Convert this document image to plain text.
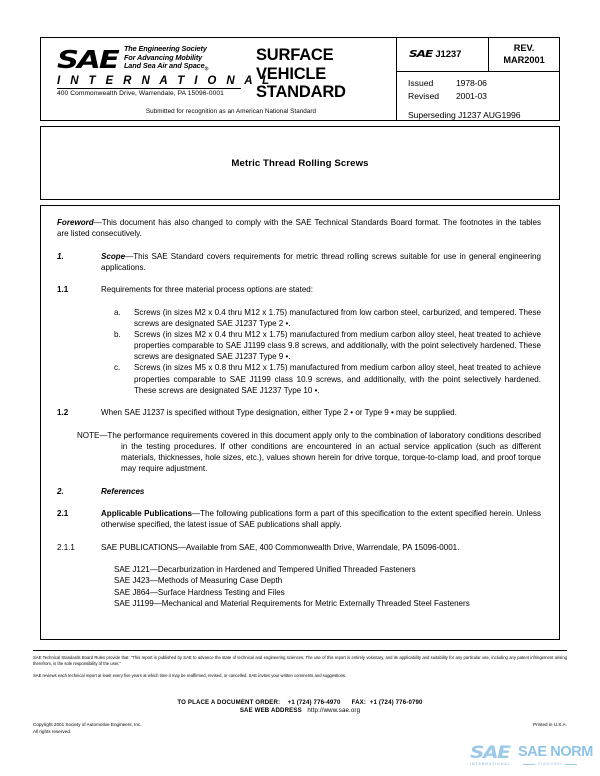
SAE The Engineering Society
For Advancing Mobility
Land Sea Air and Space$_®$
I N T E R N A T I O N A L
400 Commonwealth Drive, Warrendale, PA 15096-0001
SURFACE
VEHICLE
STANDARD
Submitted for recognition as an American National Standard
SAE J1237
REV.
MAR2001
Issued	1978-06
Revised	2001-03
Superseding J1237 AUG1996
Metric Thread Rolling Screws
Foreword—This document has also changed to comply with the SAE Technical Standards Board format. The footnotes in the tables are listed consecutively.
1.	Scope—This SAE Standard covers requirements for metric thread rolling screws suitable for use in general engineering applications.
1.1	Requirements for three material process options are stated:
a.	Screws (in sizes M2 x 0.4 thru M12 x 1.75) manufactured from low carbon steel, carburized, and tempered. These screws are designated SAE J1237 Type 2 •.
b.	Screws (in sizes M2 x 0.4 thru M12 x 1.75) manufactured from medium carbon alloy steel, heat treated to achieve properties comparable to SAE J1199 class 9.8 screws, and additionally, with the point selectively hardened. These screws are designated SAE J1237 Type 9 •.
c.	Screws (in sizes M5 x 0.8 thru M12 x 1.75) manufactured from medium carbon alloy steel, heat treated to achieve properties comparable to SAE J1199 class 10.9 screws, and additionally, with the point selectively hardened. These screws are designated SAE J1237 Type 10 •.
1.2	When SAE J1237 is specified without Type designation, either Type 2 • or Type 9 • may be supplied.
NOTE—The performance requirements covered in this document apply only to the combination of laboratory conditions described in the testing procedures. If other conditions are encountered in an actual service application (such as different materials, thicknesses, hole sizes, etc.), values shown herein for drive torque, torque-to-clamp load, and proof torque may require adjustment.
2.	References
2.1	Applicable Publications—The following publications form a part of this specification to the extent specified herein. Unless otherwise specified, the latest issue of SAE publications shall apply.
2.1.1	SAE PUBLICATIONS—Available from SAE, 400 Commonwealth Drive, Warrendale, PA 15096-0001.
SAE J121—Decarburization in Hardened and Tempered Unified Threaded Fasteners
SAE J423—Methods of Measuring Case Depth
SAE J864—Surface Hardness Testing and Files
SAE J1199—Mechanical and Material Requirements for Metric Externally Threaded Steel Fasteners
SAE Technical Standards Board Rules provide that: “This report is published by SAE to advance the state of technical and engineering sciences. The use of this report is entirely voluntary, and its applicability and suitability for any particular use, including any patent infringement arising therefrom, is the sole responsibility of the user.”
SAE reviews each technical report at least every five years at which time it may be reaffirmed, revised, or cancelled. SAE invites your written comments and suggestions.
TO PLACE A DOCUMENT ORDER: +1 (724) 776-4970 FAX: +1 (724) 776-0790
SAE WEB ADDRESS http://www.sae.org
Copyright 2001 Society of Automotive Engineers, Inc.
All rights reserved.
Printed in U.S.A.
SAE
INTERNATIONAL
SAE NORM
STANDARDS
